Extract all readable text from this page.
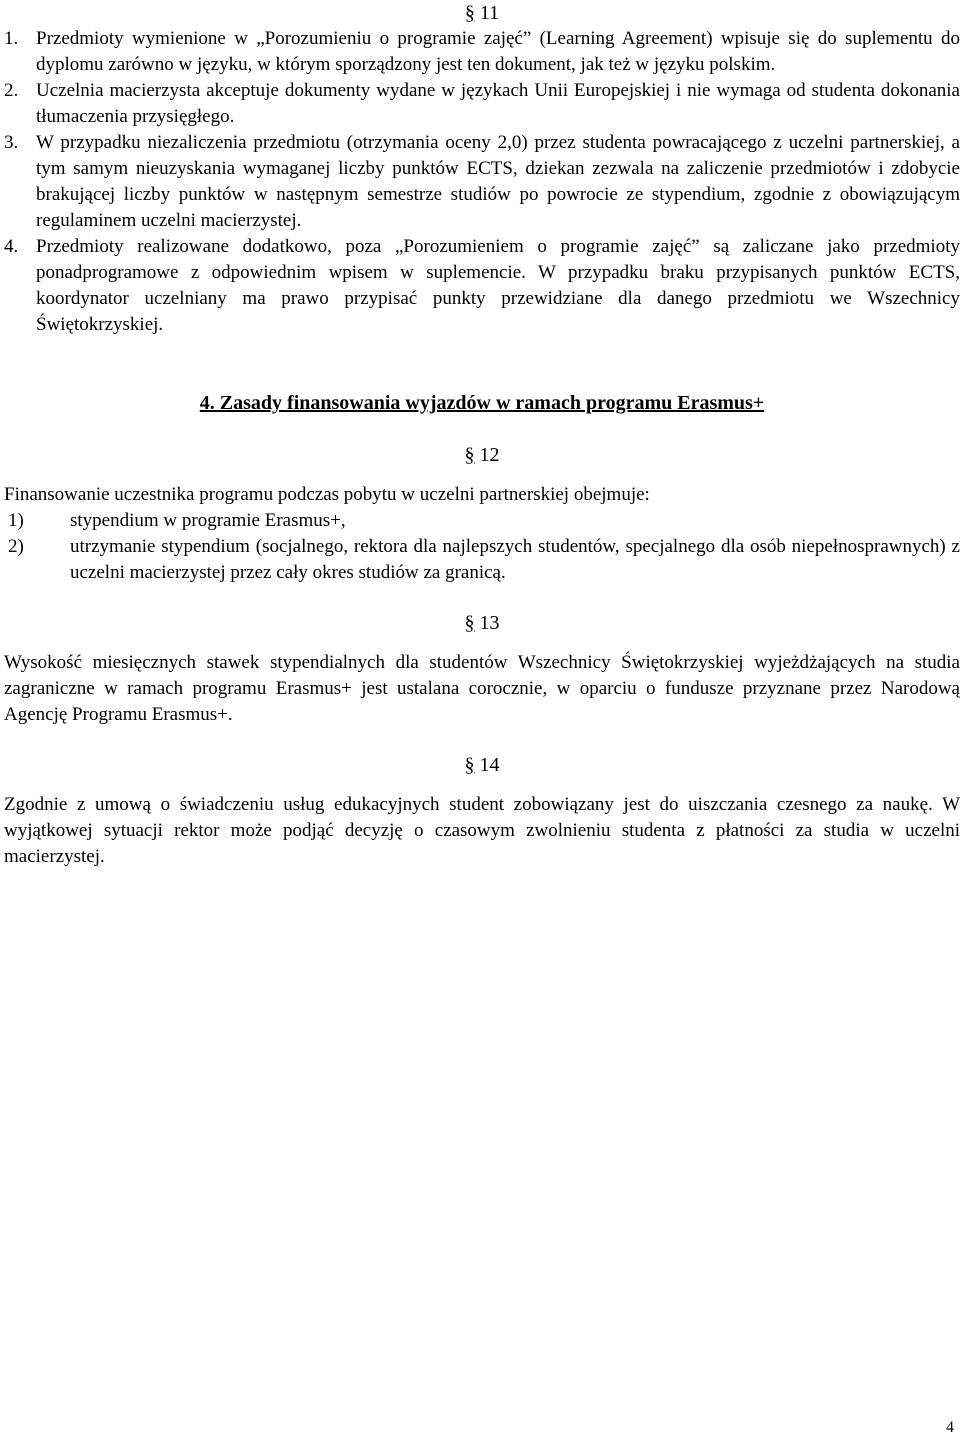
§ 11

1. Przedmioty wymienione w „Porozumieniu o programie zajęć” (Learning Agreement) wpisuje się do suplementu do dyplomu zarówno w języku, w którym sporządzony jest ten dokument, jak też w języku polskim.

2. Uczelnia macierzysta akceptuje dokumenty wydane w językach Unii Europejskiej i nie wymaga od studenta dokonania tłumaczenia przysięgłego.

3. W przypadku niezaliczenia przedmiotu (otrzymania oceny 2,0) przez studenta powracającego z uczelni partnerskiej, a tym samym nieuzyskania wymaganej liczby punktów ECTS, dziekan zezwala na zaliczenie przedmiotów i zdobycie brakującej liczby punktów w następnym semestrze studiów po powrocie ze stypendium, zgodnie z obowiązującym regulaminem uczelni macierzystej.

4. Przedmioty realizowane dodatkowo, poza „Porozumieniem o programie zajęć” są zaliczane jako przedmioty ponadprogramowe z odpowiednim wpisem w suplemencie. W przypadku braku przypisanych punktów ECTS, koordynator uczelniany ma prawo przypisać punkty przewidziane dla danego przedmiotu we Wszechnicy Świętokrzyskiej.

4. Zasady finansowania wyjazdów w ramach programu Erasmus+
§ 12

Finansowanie uczestnika programu podczas pobytu w uczelni partnerskiej obejmuje:

1) stypendium w programie Erasmus+,

2) utrzymanie stypendium (socjalnego, rektora dla najlepszych studentów, specjalnego dla osób niepełnosprawnych) z uczelni macierzystej przez cały okres studiów za granicą.

§ 13

Wysokość miesięcznych stawek stypendialnych dla studentów Wszechnicy Świętokrzyskiej wyjeżdżających na studia zagraniczne w ramach programu Erasmus+ jest ustalana corocznie, w oparciu o fundusze przyznane przez Narodową Agencję Programu Erasmus+.

§ 14

Zgodnie z umową o świadczeniu usług edukacyjnych student zobowiązany jest do uiszczania czesnego za naukę. W wyjątkowej sytuacji rektor może podjąć decyzję o czasowym zwolnieniu studenta z płatności za studia w uczelni macierzystej.

4
